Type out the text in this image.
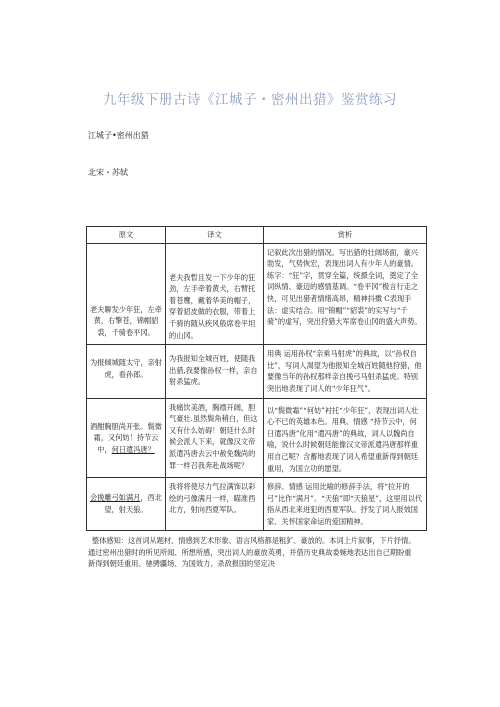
九年级下册古诗《江城子・密州出猎》鉴赏练习
江城子•密州出猎
北宋・苏轼
原文	译文	赏析
老夫聊发少年狂，左牵黄，右擎苍，锦帽貂裘，千骑卷平冈。	老夫我暂且发一下少年的狂劲，左手牵着黄犬，右臂托着苍鹰，戴着华美的帽子，穿着貂皮做的衣服，带着上千骑的随从疾风般席卷平坦的山冈。	记叙此次出猎的情况。写出猎的壮阔场面，豪兴勃发，气势恢宏，表现出词人有少年人的豪情。练字：“狂”字，贯穿全篇，统摄全词，奠定了全词纵情、豪迈的感情基调。“卷平冈”极言行走之快，可见出猎者情绪高昂，精神抖擞 C表现手法：虚实结合。用“锦帽”“貂裘”的实写与“千骑”的虚写，突出狩猎大军席卷山冈的盛大声势。
为报倾城随太守，亲射虎，看孙郎。	为我报知全城百姓，使随我出猎,我要像孙权一样，亲自射杀猛虎。	用典 运用孙权“亲乘马射虎”的典故，以“孙权自比”，写词人渴望为他报知全城百姓随他狩猎，他要像当年的孙权那样亲自挽弓马射杀猛虎。特别突出地表现了词人的“少年狂气”。
酒酣胸胆尚开张。鬓微霜，又何妨！持节云中，何日遣冯唐？	我痛饮美酒，胸襟开阔，胆气豪壮.虽然鬓角稍白，但这又有什么妨碍！朝廷什么时候会派人下来，就像汉文帝派遣冯唐去云中赦免魏尚的罪一样召我奔赴战场呢？	以“鬓微霜”“何妨”衬托“少年狂”，表现出词人壮心不已的英雄本色。用典、情感 “持节云中，何日遣冯唐”化用“遣冯唐”的典故，词人以魏尚自喻，说什么时候朝廷能像汉文帝派遣冯唐那样重用自己呢？含蓄地表现了词人希望重新得到朝廷重用，为国立功的愿望。
会挽雕弓如满月，西北望，射天狼。	我将将使尽力气拉满饰以彩绘的弓像满月一样，瞄准西北方，射向西夏军队。	修辞、情感 运用比喻的修辞手法，将“拉开的弓”比作“满月”。“天狼”即“天狼星”，这里用以代指从西北来进犯的西夏军队。抒发了词人报效国家、关怀国家命运的爱国精神。
整体感知：这首词从题材、情感到艺术形象、语言风格都是粗犷、豪放的。本词上片叙事，下片抒情。通过密州出猎时的所见所闻、所想所感，突出词人的豪放英勇，并借历史典故委婉地表达出自己期盼重新得到朝廷重用、驰骋疆场、为国效力、杀敌报国的坚定决
